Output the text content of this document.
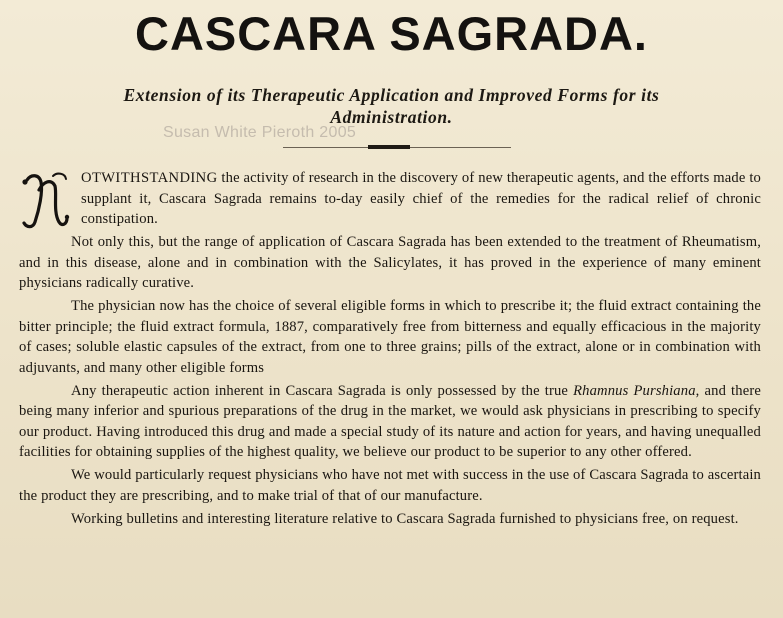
CASCARA SAGRADA.
Extension of its Therapeutic Application and Improved Forms for its
Administration.
Susan White Pieroth 2005

OTWITHSTANDING the activity of research in the discovery of new therapeutic agents, and the efforts made to supplant it, Cascara Sagrada remains to-day easily chief of the remedies for the radical relief of chronic constipation.

Not only this, but the range of application of Cascara Sagrada has been extended to the treatment of Rheumatism, and in this disease, alone and in combination with the Salicylates, it has proved in the experience of many eminent physicians radically curative.

The physician now has the choice of several eligible forms in which to prescribe it; the fluid extract containing the bitter principle; the fluid extract formula, 1887, comparatively free from bitterness and equally efficacious in the majority of cases; soluble elastic capsules of the extract, from one to three grains; pills of the extract, alone or in combination with adjuvants, and many other eligible forms

Any therapeutic action inherent in Cascara Sagrada is only possessed by the true Rhamnus Purshiana, and there being many inferior and spurious preparations of the drug in the market, we would ask physicians in prescribing to specify our product. Having introduced this drug and made a special study of its nature and action for years, and having unequalled facilities for obtaining supplies of the highest quality, we believe our product to be superior to any other offered.

We would particularly request physicians who have not met with success in the use of Cascara Sagrada to ascertain the product they are prescribing, and to make trial of that of our manufacture.

Working bulletins and interesting literature relative to Cascara Sagrada furnished to physicians free, on request.
